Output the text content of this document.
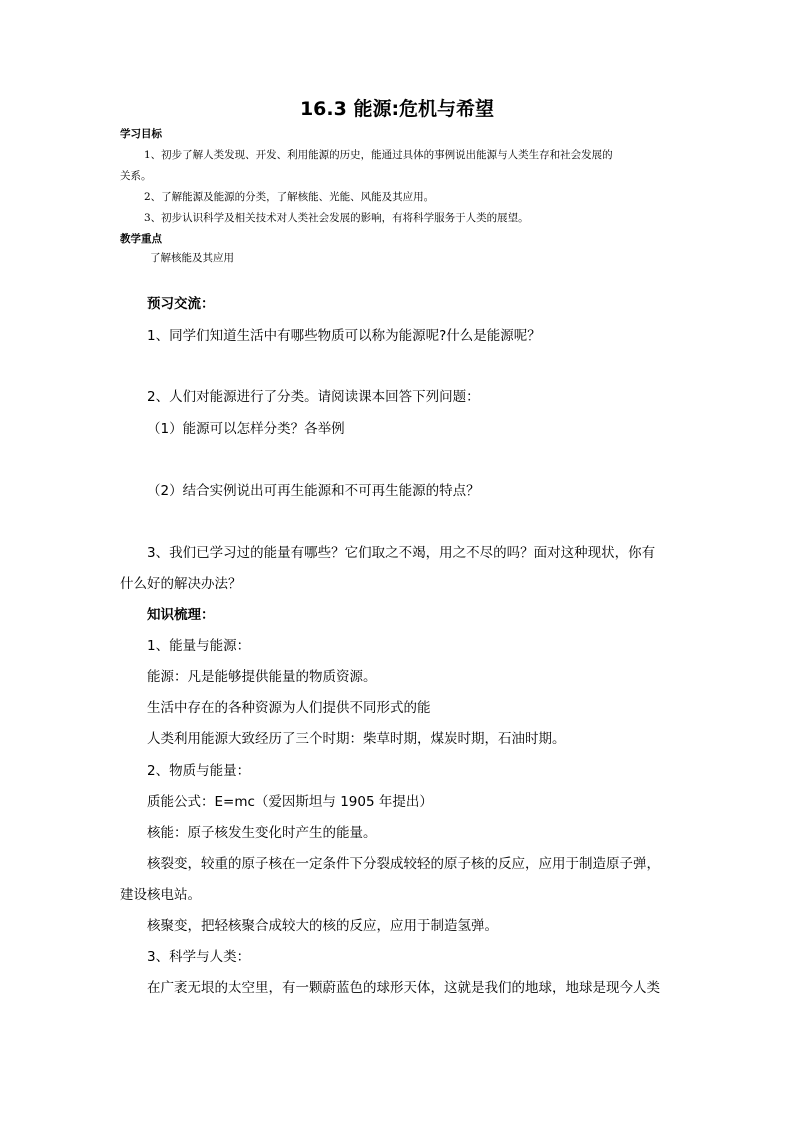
16.3 能源:危机与希望
学习目标
1、初步了解人类发现、开发、利用能源的历史，能通过具体的事例说出能源与人类生存和社会发展的
关系。
2、了解能源及能源的分类，了解核能、光能、风能及其应用。
3、初步认识科学及相关技术对人类社会发展的影响，有将科学服务于人类的展望。
教学重点
了解核能及其应用
预习交流：
1、同学们知道生活中有哪些物质可以称为能源呢?什么是能源呢？
2、人们对能源进行了分类。请阅读课本回答下列问题：
（1）能源可以怎样分类？各举例
（2）结合实例说出可再生能源和不可再生能源的特点？
3、我们已学习过的能量有哪些？它们取之不竭，用之不尽的吗？面对这种现状，你有
什么好的解决办法？
知识梳理：
1、能量与能源：
能源：凡是能够提供能量的物质资源。
生活中存在的各种资源为人们提供不同形式的能
人类利用能源大致经历了三个时期：柴草时期，煤炭时期，石油时期。
2、物质与能量：
质能公式：E=mc（爱因斯坦与 1905 年提出）
核能：原子核发生变化时产生的能量。
核裂变，较重的原子核在一定条件下分裂成较轻的原子核的反应，应用于制造原子弹，
建设核电站。
核聚变，把轻核聚合成较大的核的反应，应用于制造氢弹。
3、科学与人类：
在广袤无垠的太空里，有一颗蔚蓝色的球形天体，这就是我们的地球，地球是现今人类
